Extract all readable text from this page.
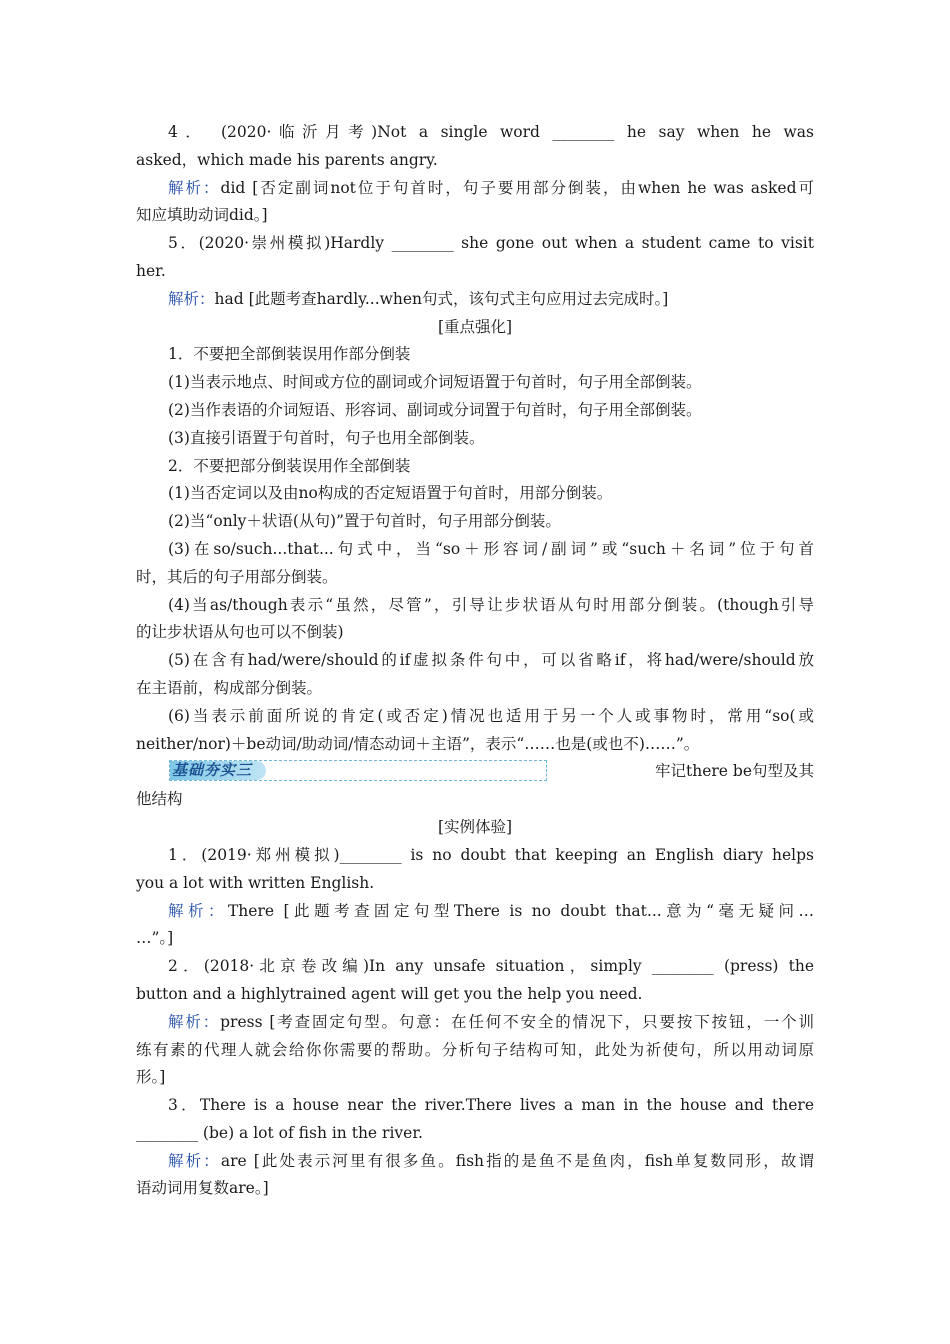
4． (2020·临沂月考)Not a single word ________ he say when he was
asked，which made his parents angry.
解析：did [否定副词not位于句首时，句子要用部分倒装，由when he was asked可
知应填助动词did。]
5．(2020·崇州模拟)Hardly ________ she gone out when a student came to visit
her.
解析：had [此题考查hardly...when句式，该句式主句应用过去完成时。]
[重点强化]
1．不要把全部倒装误用作部分倒装
(1)当表示地点、时间或方位的副词或介词短语置于句首时，句子用全部倒装。
(2)当作表语的介词短语、形容词、副词或分词置于句首时，句子用全部倒装。
(3)直接引语置于句首时，句子也用全部倒装。
2．不要把部分倒装误用作全部倒装
(1)当否定词以及由no构成的否定短语置于句首时，用部分倒装。
(2)当“only＋状语(从句)”置于句首时，句子用部分倒装。
(3)在so/such...that...句式中，当“so＋形容词/副词”或“such＋名词”位于句首
时，其后的句子用部分倒装。
(4)当as/though表示“虽然，尽管”，引导让步状语从句时用部分倒装。(though引导
的让步状语从句也可以不倒装)
(5)在含有had/were/should的if虚拟条件句中，可以省略if，将had/were/should放
在主语前，构成部分倒装。
(6)当表示前面所说的肯定(或否定)情况也适用于另一个人或事物时，常用“so(或
neither/nor)＋be动词/助动词/情态动词＋主语”，表示“……也是(或也不)……”。
基础夯实三	牢记there be句型及其
他结构
[实例体验]
1．(2019·郑州模拟)________ is no doubt that keeping an English diary helps
you a lot with written English.
解析：There [此题考查固定句型There is no doubt that...意为“毫无疑问…
…”。]
2．(2018·北京卷改编)In any unsafe situation，simply ________ (press) the
button and a highlytrained agent will get you the help you need.
解析：press [考查固定句型。句意：在任何不安全的情况下，只要按下按钮，一个训
练有素的代理人就会给你你需要的帮助。分析句子结构可知，此处为祈使句，所以用动词原
形。]
3．There is a house near the river.There lives a man in the house and there
________ (be) a lot of fish in the river.
解析：are [此处表示河里有很多鱼。fish指的是鱼不是鱼肉，fish单复数同形，故谓
语动词用复数are。]
